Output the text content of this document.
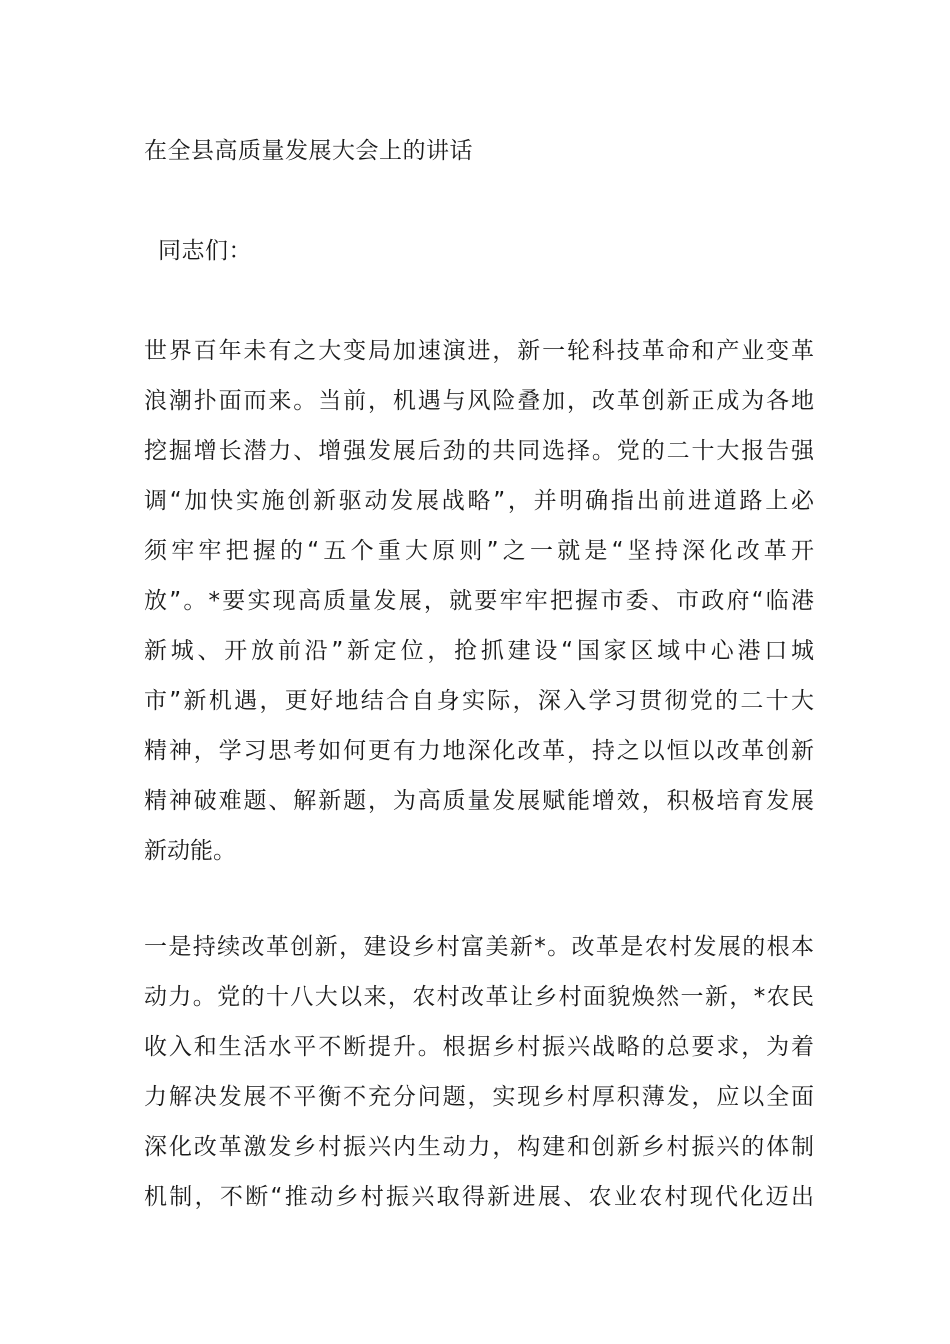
在全县高质量发展大会上的讲话
同志们：
世界百年未有之大变局加速演进，新一轮科技革命和产业变革
浪潮扑面而来。当前，机遇与风险叠加，改革创新正成为各地
挖掘增长潜力、增强发展后劲的共同选择。党的二十大报告强
调“加快实施创新驱动发展战略”，并明确指出前进道路上必
须牢牢把握的“五个重大原则”之一就是“坚持深化改革开
放”。*要实现高质量发展，就要牢牢把握市委、市政府“临港
新城、开放前沿”新定位，抢抓建设“国家区域中心港口城
市”新机遇，更好地结合自身实际，深入学习贯彻党的二十大
精神，学习思考如何更有力地深化改革，持之以恒以改革创新
精神破难题、解新题，为高质量发展赋能增效，积极培育发展
新动能。
一是持续改革创新，建设乡村富美新*。改革是农村发展的根本
动力。党的十八大以来，农村改革让乡村面貌焕然一新，*农民
收入和生活水平不断提升。根据乡村振兴战略的总要求，为着
力解决发展不平衡不充分问题，实现乡村厚积薄发，应以全面
深化改革激发乡村振兴内生动力，构建和创新乡村振兴的体制
机制，不断“推动乡村振兴取得新进展、农业农村现代化迈出
